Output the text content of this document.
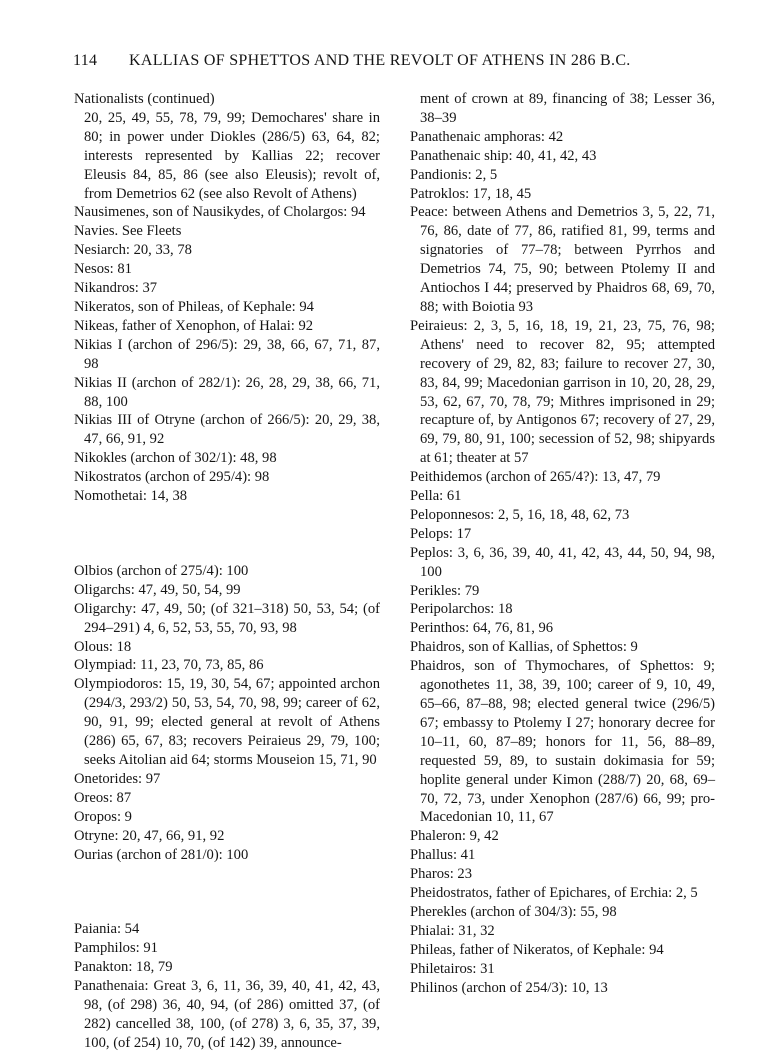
114 KALLIAS OF SPHETTOS AND THE REVOLT OF ATHENS IN 286 B.C.
Nationalists (continued)
20, 25, 49, 55, 78, 79, 99; Demochares' share in 80; in power under Diokles (286/5) 63, 64, 82; interests represented by Kallias 22; recover Eleusis 84, 85, 86 (see also Eleusis); revolt of, from Demetrios 62 (see also Revolt of Athens)
Nausimenes, son of Nausikydes, of Cholargos: 94
Navies. See Fleets
Nesiarch: 20, 33, 78
Nesos: 81
Nikandros: 37
Nikeratos, son of Phileas, of Kephale: 94
Nikeas, father of Xenophon, of Halai: 92
Nikias I (archon of 296/5): 29, 38, 66, 67, 71, 87, 98
Nikias II (archon of 282/1): 26, 28, 29, 38, 66, 71, 88, 100
Nikias III of Otryne (archon of 266/5): 20, 29, 38, 47, 66, 91, 92
Nikokles (archon of 302/1): 48, 98
Nikostratos (archon of 295/4): 98
Nomothetai: 14, 38
Olbios (archon of 275/4): 100
Oligarchs: 47, 49, 50, 54, 99
Oligarchy: 47, 49, 50; (of 321–318) 50, 53, 54; (of 294–291) 4, 6, 52, 53, 55, 70, 93, 98
Olous: 18
Olympiad: 11, 23, 70, 73, 85, 86
Olympiodoros: 15, 19, 30, 54, 67; appointed archon (294/3, 293/2) 50, 53, 54, 70, 98, 99; career of 62, 90, 91, 99; elected general at revolt of Athens (286) 65, 67, 83; recovers Peiraieus 29, 79, 100; seeks Aitolian aid 64; storms Mouseion 15, 71, 90
Onetorides: 97
Oreos: 87
Oropos: 9
Otryne: 20, 47, 66, 91, 92
Ourias (archon of 281/0): 100
Paiania: 54
Pamphilos: 91
Panakton: 18, 79
Panathenaia: Great 3, 6, 11, 36, 39, 40, 41, 42, 43, 98, (of 298) 36, 40, 94, (of 286) omitted 37, (of 282) cancelled 38, 100, (of 278) 3, 6, 35, 37, 39, 100, (of 254) 10, 70, (of 142) 39, announce-
ment of crown at 89, financing of 38; Lesser 36, 38–39
Panathenaic amphoras: 42
Panathenaic ship: 40, 41, 42, 43
Pandionis: 2, 5
Patroklos: 17, 18, 45
Peace: between Athens and Demetrios 3, 5, 22, 71, 76, 86, date of 77, 86, ratified 81, 99, terms and signatories of 77–78; between Pyrrhos and Demetrios 74, 75, 90; between Ptolemy II and Antiochos I 44; preserved by Phaidros 68, 69, 70, 88; with Boiotia 93
Peiraieus: 2, 3, 5, 16, 18, 19, 21, 23, 75, 76, 98; Athens' need to recover 82, 95; attempted recovery of 29, 82, 83; failure to recover 27, 30, 83, 84, 99; Macedonian garrison in 10, 20, 28, 29, 53, 62, 67, 70, 78, 79; Mithres imprisoned in 29; recapture of, by Antigonos 67; recovery of 27, 29, 69, 79, 80, 91, 100; secession of 52, 98; shipyards at 61; theater at 57
Peithidemos (archon of 265/4?): 13, 47, 79
Pella: 61
Peloponnesos: 2, 5, 16, 18, 48, 62, 73
Pelops: 17
Peplos: 3, 6, 36, 39, 40, 41, 42, 43, 44, 50, 94, 98, 100
Perikles: 79
Peripolarchos: 18
Perinthos: 64, 76, 81, 96
Phaidros, son of Kallias, of Sphettos: 9
Phaidros, son of Thymochares, of Sphettos: 9; agonothetes 11, 38, 39, 100; career of 9, 10, 49, 65–66, 87–88, 98; elected general twice (296/5) 67; embassy to Ptolemy I 27; honorary decree for 10–11, 60, 87–89; honors for 11, 56, 88–89, requested 59, 89, to sustain dokimasia for 59; hoplite general under Kimon (288/7) 20, 68, 69–70, 72, 73, under Xenophon (287/6) 66, 99; pro-Macedonian 10, 11, 67
Phaleron: 9, 42
Phallus: 41
Pharos: 23
Pheidostratos, father of Epichares, of Erchia: 2, 5
Pherekles (archon of 304/3): 55, 98
Phialai: 31, 32
Phileas, father of Nikeratos, of Kephale: 94
Philetairos: 31
Philinos (archon of 254/3): 10, 13
